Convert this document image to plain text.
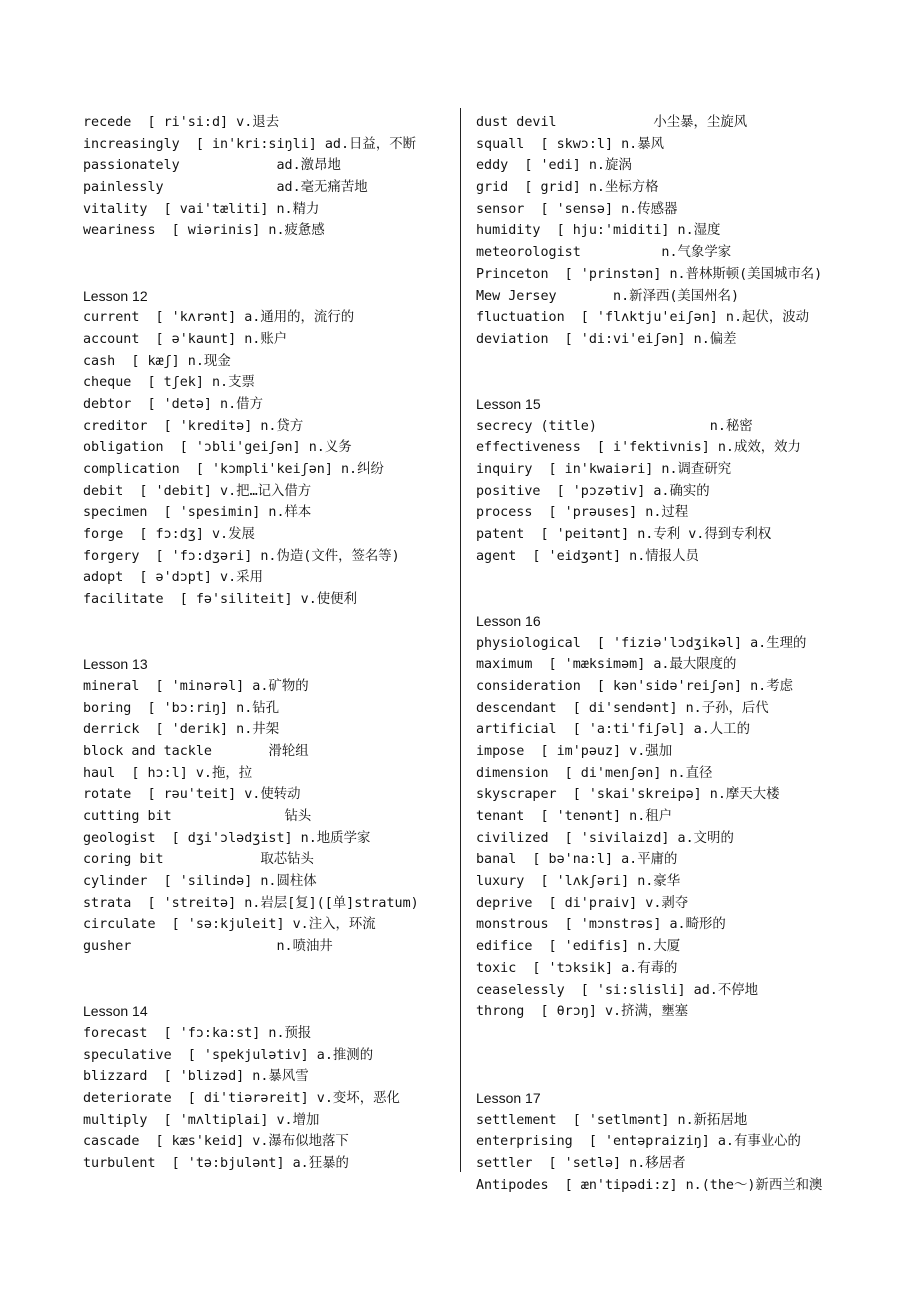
recede  [ ri'si:d] v.退去
increasingly  [ in'kri:siŋli] ad.日益，不断
passionately            ad.激昂地
painlessly              ad.毫无痛苦地
vitality  [ vai'tæliti] n.精力
weariness  [ wiərinis] n.疲惫感
Lesson 12
current  [ 'kʌrənt] a.通用的，流行的
account  [ ə'kaunt] n.账户
cash  [ kæʃ] n.现金
cheque  [ tʃek] n.支票
debtor  [ 'detə] n.借方
creditor  [ 'kreditə] n.贷方
obligation  [ 'ɔbli'geiʃən] n.义务
complication  [ 'kɔmpli'keiʃən] n.纠纷
debit  [ 'debit] v.把…记入借方
specimen  [ 'spesimin] n.样本
forge  [ fɔ:dʒ] v.发展
forgery  [ 'fɔ:dʒəri] n.伪造(文件，签名等)
adopt  [ ə'dɔpt] v.采用
facilitate  [ fə'siliteit] v.使便利
Lesson 13
mineral  [ 'minərəl] a.矿物的
boring  [ 'bɔ:riŋ] n.钻孔
derrick  [ 'derik] n.井架
block and tackle       滑轮组
haul  [ hɔ:l] v.拖，拉
rotate  [ rəu'teit] v.使转动
cutting bit              钻头
geologist  [ dʒi'ɔlədʒist] n.地质学家
coring bit            取芯钻头
cylinder  [ 'silində] n.圆柱体
strata  [ 'streitə] n.岩层[复]([单]stratum)
circulate  [ 'sə:kjuleit] v.注入，环流
gusher                  n.喷油井
Lesson 14
forecast  [ 'fɔ:ka:st] n.预报
speculative  [ 'spekjulətiv] a.推测的
blizzard  [ 'blizəd] n.暴风雪
deteriorate  [ di'tiərəreit] v.变坏，恶化
multiply  [ 'mʌltiplai] v.增加
cascade  [ kæs'keid] v.瀑布似地落下
turbulent  [ 'tə:bjulənt] a.狂暴的
dust devil            小尘暴，尘旋风
squall  [ skwɔ:l] n.暴风
eddy  [ 'edi] n.旋涡
grid  [ grid] n.坐标方格
sensor  [ 'sensə] n.传感器
humidity  [ hju:'miditi] n.湿度
meteorologist          n.气象学家
Princeton  [ 'prinstən] n.普林斯顿(美国城市名)
Mew Jersey       n.新泽西(美国州名)
fluctuation  [ 'flʌktju'eiʃən] n.起伏，波动
deviation  [ 'di:vi'eiʃən] n.偏差
Lesson 15
secrecy (title)              n.秘密
effectiveness  [ i'fektivnis] n.成效，效力
inquiry  [ in'kwaiəri] n.调查研究
positive  [ 'pɔzətiv] a.确实的
process  [ 'prəuses] n.过程
patent  [ 'peitənt] n.专利 v.得到专利权
agent  [ 'eidʒənt] n.情报人员
Lesson 16
physiological  [ 'fiziə'lɔdʒikəl] a.生理的
maximum  [ 'mæksiməm] a.最大限度的
consideration  [ kən'sidə'reiʃən] n.考虑
descendant  [ di'sendənt] n.子孙，后代
artificial  [ 'a:ti'fiʃəl] a.人工的
impose  [ im'pəuz] v.强加
dimension  [ di'menʃən] n.直径
skyscraper  [ 'skai'skreipə] n.摩天大楼
tenant  [ 'tenənt] n.租户
civilized  [ 'sivilaizd] a.文明的
banal  [ bə'na:l] a.平庸的
luxury  [ 'lʌkʃəri] n.豪华
deprive  [ di'praiv] v.剥夺
monstrous  [ 'mɔnstrəs] a.畸形的
edifice  [ 'edifis] n.大厦
toxic  [ 'tɔksik] a.有毒的
ceaselessly  [ 'si:slisli] ad.不停地
throng  [ θrɔŋ] v.挤满，壅塞
Lesson 17
settlement  [ 'setlmənt] n.新拓居地
enterprising  [ 'entəpraiziŋ] a.有事业心的
settler  [ 'setlə] n.移居者
Antipodes  [ æn'tipədi:z] n.(the～)新西兰和澳
